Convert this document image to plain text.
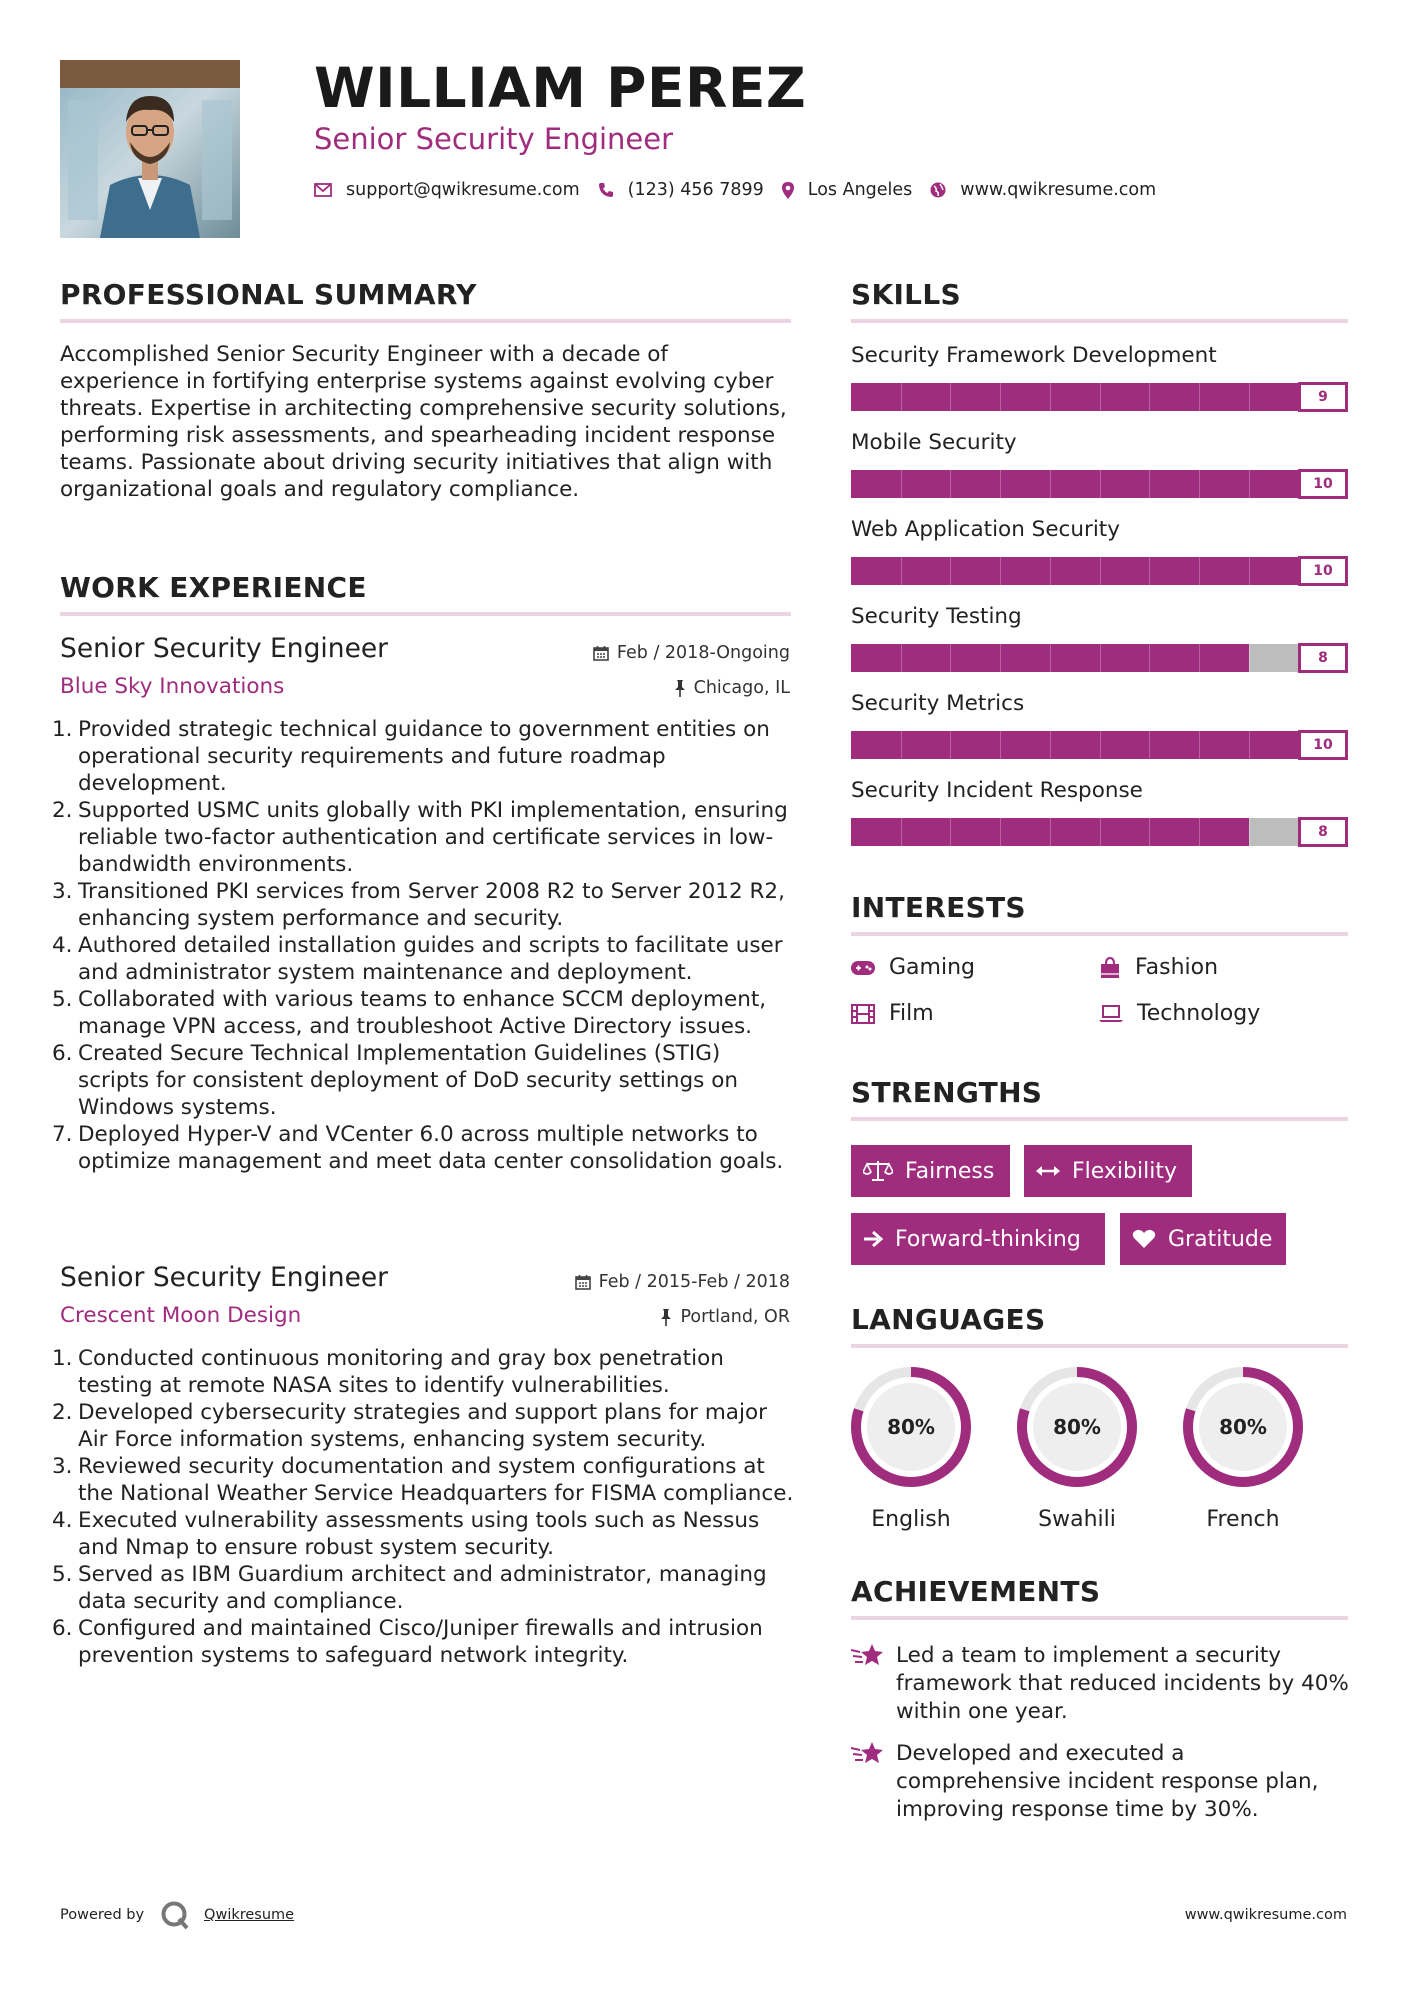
WILLIAM PEREZ
Senior Security Engineer
support@qwikresume.com	(123) 456 7899	Los Angeles	www.qwikresume.com
PROFESSIONAL SUMMARY

Accomplished Senior Security Engineer with a decade of experience in fortifying enterprise systems against evolving cyber threats. Expertise in architecting comprehensive security solutions, performing risk assessments, and spearheading incident response teams. Passionate about driving security initiatives that align with organizational goals and regulatory compliance.

WORK EXPERIENCE
Senior Security Engineer	Feb / 2018-Ongoing
Blue Sky Innovations	Chicago, IL
1. Provided strategic technical guidance to government entities on operational security requirements and future roadmap development.
2. Supported USMC units globally with PKI implementation, ensuring reliable two-factor authentication and certificate services in low-bandwidth environments.
3. Transitioned PKI services from Server 2008 R2 to Server 2012 R2, enhancing system performance and security.
4. Authored detailed installation guides and scripts to facilitate user and administrator system maintenance and deployment.
5. Collaborated with various teams to enhance SCCM deployment, manage VPN access, and troubleshoot Active Directory issues.
6. Created Secure Technical Implementation Guidelines (STIG) scripts for consistent deployment of DoD security settings on Windows systems.
7. Deployed Hyper-V and VCenter 6.0 across multiple networks to optimize management and meet data center consolidation goals.
Senior Security Engineer	Feb / 2015-Feb / 2018
Crescent Moon Design	Portland, OR
1. Conducted continuous monitoring and gray box penetration testing at remote NASA sites to identify vulnerabilities.
2. Developed cybersecurity strategies and support plans for major Air Force information systems, enhancing system security.
3. Reviewed security documentation and system configurations at the National Weather Service Headquarters for FISMA compliance.
4. Executed vulnerability assessments using tools such as Nessus and Nmap to ensure robust system security.
5. Served as IBM Guardium architect and administrator, managing data security and compliance.
6. Configured and maintained Cisco/Juniper firewalls and intrusion prevention systems to safeguard network integrity.
SKILLS
Security Framework Development
9
Mobile Security
10
Web Application Security
10
Security Testing
8
Security Metrics
10
Security Incident Response
8
INTERESTS
Gaming	Fashion
Film	Technology
STRENGTHS
Fairness	Flexibility
Forward-thinking	Gratitude
LANGUAGES
80%
English
80%
Swahili
80%
French
ACHIEVEMENTS
Led a team to implement a security framework that reduced incidents by 40% within one year.
Developed and executed a comprehensive incident response plan, improving response time by 30%.
Powered by	Qwikresume	www.qwikresume.com
